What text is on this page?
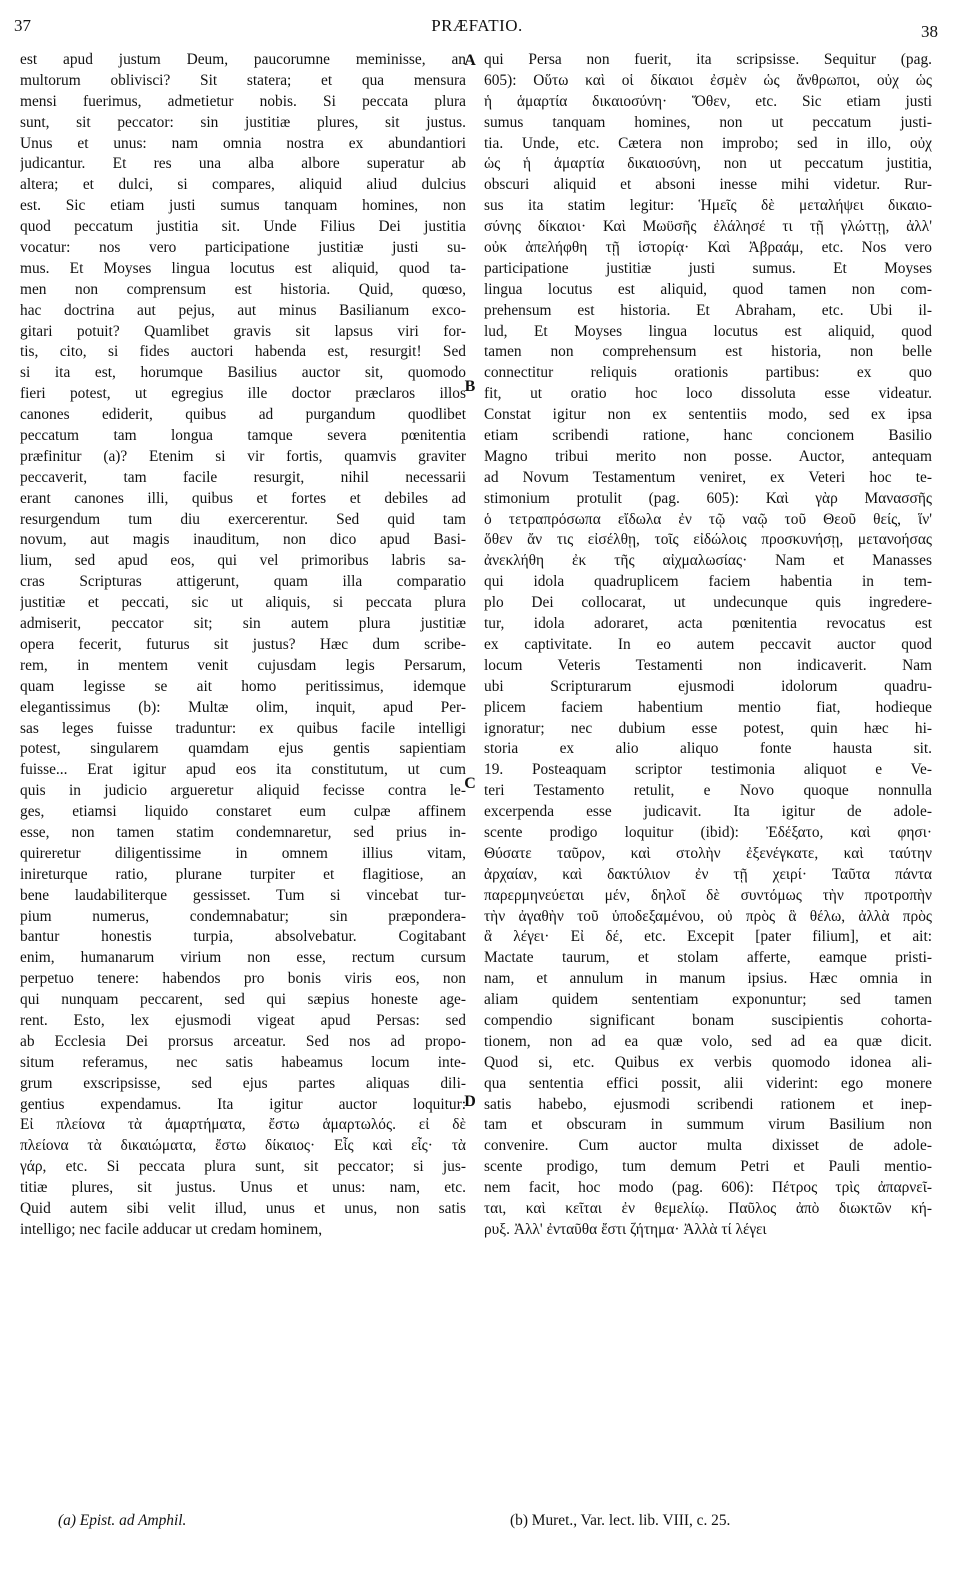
37	PRÆFATIO.	38
est apud justum Deum, paucorumne meminisse, an
multorum oblivisci? Sit statera; et qua mensura
mensi fuerimus, admetietur nobis. Si peccata plura
sunt, sit peccator: sin justitiæ plures, sit justus.
Unus et unus: nam omnia nostra ex abundantiori
judicantur. Et res una alba albore superatur ab
altera; et dulci, si compares, aliquid aliud dulcius
est. Sic etiam justi sumus tanquam homines, non
quod peccatum justitia sit. Unde Filius Dei justitia
vocatur: nos vero participatione justitiæ justi su-
mus. Et Moyses lingua locutus est aliquid, quod ta-
men non comprensum est historia. Quid, quœso,
hac doctrina aut pejus, aut minus Basilianum exco-
gitari potuit? Quamlibet gravis sit lapsus viri for-
tis, cito, si fides auctori habenda est, resurgit! Sed
si ita est, horumque Basilius auctor sit, quomodo
fieri potest, ut egregius ille doctor præclaros illos
canones ediderit, quibus ad purgandum quodlibet
peccatum tam longua tamque severa pœnitentia
præfinitur (a)? Etenim si vir fortis, quamvis graviter
peccaverit, tam facile resurgit, nihil necessarii
erant canones illi, quibus et fortes et debiles ad
resurgendum tum diu exercerentur. Sed quid tam
novum, aut magis inauditum, non dico apud Basi-
lium, sed apud eos, qui vel primoribus labris sa-
cras Scripturas attigerunt, quam illa comparatio
justitiæ et peccati, sic ut aliquis, si peccata plura
admiserit, peccator sit; sin autem plura justitiæ
opera fecerit, futurus sit justus? Hæc dum scribe-
rem, in mentem venit cujusdam legis Persarum,
quam legisse se ait homo peritissimus, idemque
elegantissimus (b): Multæ olim, inquit, apud Per-
sas leges fuisse traduntur: ex quibus facile intelligi
potest, singularem quamdam ejus gentis sapientiam
fuisse... Erat igitur apud eos ita constitutum, ut cum
quis in judicio argueretur aliquid fecisse contra le-
ges, etiamsi liquido constaret eum culpæ affinem
esse, non tamen statim condemnaretur, sed prius in-
quireretur diligentissime in omnem illius vitam,
inireturque ratio, plurane turpiter et flagitiose, an
bene laudabiliterque gessisset. Tum si vincebat tur-
pium numerus, condemnabatur; sin præpondera-
bantur honestis turpia, absolvebatur. Cogitabant
enim, humanarum virium non esse, rectum cursum
perpetuo tenere: habendos pro bonis viris eos, non
qui nunquam peccarent, sed qui sæpius honeste age-
rent. Esto, lex ejusmodi vigeat apud Persas: sed
ab Ecclesia Dei prorsus arceatur. Sed nos ad propo-
situm referamus, nec satis habeamus locum inte-
grum exscripsisse, sed ejus partes aliquas dili-
gentius expendamus. Ita igitur auctor loquitur:
Εἰ πλείονα τὰ ἁμαρτήματα, ἔστω ἁμαρτωλός. εἰ δὲ
πλείονα τὰ δικαιώματα, ἔστω δίκαιος· Εἷς καὶ εἷς· τὰ
γάρ, etc. Si peccata plura sunt, sit peccator; si jus-
titiæ plures, sit justus. Unus et unus: nam, etc.
Quid autem sibi velit illud, unus et unus, non satis
intelligo; nec facile adducar ut credam hominem,
qui Persa non fuerit, ita scripsisse. Sequitur (pag.
605): Οὕτω καὶ οἱ δίκαιοι ἐσμὲν ὡς ἄνθρωποι, οὐχ ὡς
ἡ ἁμαρτία δικαιοσύνη· Ὅθεν, etc. Sic etiam justi
sumus tanquam homines, non ut peccatum justi-
tia. Unde, etc. Cætera non improbo; sed in illo, οὐχ
ὡς ἡ ἁμαρτία δικαιοσύνη, non ut peccatum justitia,
obscuri aliquid et absoni inesse mihi videtur. Rur-
sus ita statim legitur: Ἡμεῖς δὲ μεταλήψει δικαιο-
σύνης δίκαιοι· Καὶ Μωϋσῆς ἐλάλησέ τι τῇ γλώττῃ, ἀλλ'
οὐκ ἀπελήφθη τῇ ἱστορίᾳ· Καὶ Ἀβραάμ, etc. Nos vero
participatione justitiæ justi sumus. Et Moyses
lingua locutus est aliquid, quod tamen non com-
prehensum est historia. Et Abraham, etc. Ubi il-
lud, Et Moyses lingua locutus est aliquid, quod
tamen non comprehensum est historia, non belle
connectitur reliquis orationis partibus: ex quo
fit, ut oratio hoc loco dissoluta esse videatur.
Constat igitur non ex sententiis modo, sed ex ipsa
etiam scribendi ratione, hanc concionem Basilio
Magno tribui merito non posse. Auctor, antequam
ad Novum Testamentum veniret, ex Veteri hoc te-
stimonium protulit (pag. 605): Καὶ γὰρ Μανασσῆς
ὁ τετραπρόσωπα εἴδωλα ἐν τῷ ναῷ τοῦ Θεοῦ θείς, ἵν'
ὅθεν ἄν τις εἰσέλθῃ, τοῖς εἰδώλοις προσκυνήσῃ, μετανοήσας
ἀνεκλήθη ἐκ τῆς αἰχμαλωσίας· Nam et Manasses
qui idola quadruplicem faciem habentia in tem-
plo Dei collocarat, ut undecunque quis ingredere-
tur, idola adoraret, acta pœnitentia revocatus est
ex captivitate. In eo autem peccavit auctor quod
locum Veteris Testamenti non indicaverit. Nam
ubi Scripturarum ejusmodi idolorum quadru-
plicem faciem habentium mentio fiat, hodieque
ignoratur; nec dubium esse potest, quin hæc hi-
storia ex alio aliquo fonte hausta sit.
19. Posteaquam scriptor testimonia aliquot e Ve-
teri Testamento retulit, e Novo quoque nonnulla
excerpenda esse judicavit. Ita igitur de adole-
scente prodigo loquitur (ibid): Ἐδέξατο, καὶ φησι·
Θύσατε ταῦρον, καὶ στολὴν ἐξενέγκατε, καὶ ταύτην
ἀρχαίαν, καὶ δακτύλιον ἐν τῇ χειρί· Ταῦτα πάντα
παρερμηνεύεται μέν, δηλοῖ δὲ συντόμως τὴν προτροπὴν
τὴν ἀγαθὴν τοῦ ὑποδεξαμένου, οὐ πρὸς ἃ θέλω, ἀλλὰ πρὸς
ἃ λέγει· Εἰ δέ, etc. Excepit [pater filium], et ait:
Mactate taurum, et stolam afferte, eamque pristi-
nam, et annulum in manum ipsius. Hæc omnia in
aliam quidem sententiam exponuntur; sed tamen
compendio significant bonam suscipientis cohorta-
tionem, non ad ea quæ volo, sed ad ea quæ dicit.
Quod si, etc. Quibus ex verbis quomodo idonea ali-
qua sententia effici possit, alii viderint: ego monere
satis habebo, ejusmodi scribendi rationem et inep-
tam et obscuram in summum virum Basilium non
convenire. Cum auctor multa dixisset de adole-
scente prodigo, tum demum Petri et Pauli mentio-
nem facit, hoc modo (pag. 606): Πέτρος τρὶς ἀπαρνεῖ-
ται, καὶ κεῖται ἐν θεμελίῳ. Παῦλος ἀπὸ διωκτῶν κή-
ρυξ. Ἀλλ' ἐνταῦθα ἔστι ζήτημα· Ἀλλὰ τί λέγει
A
B
C
D
(a) Epist. ad Amphil.	(b) Muret., Var. lect. lib. VIII, c. 25.
